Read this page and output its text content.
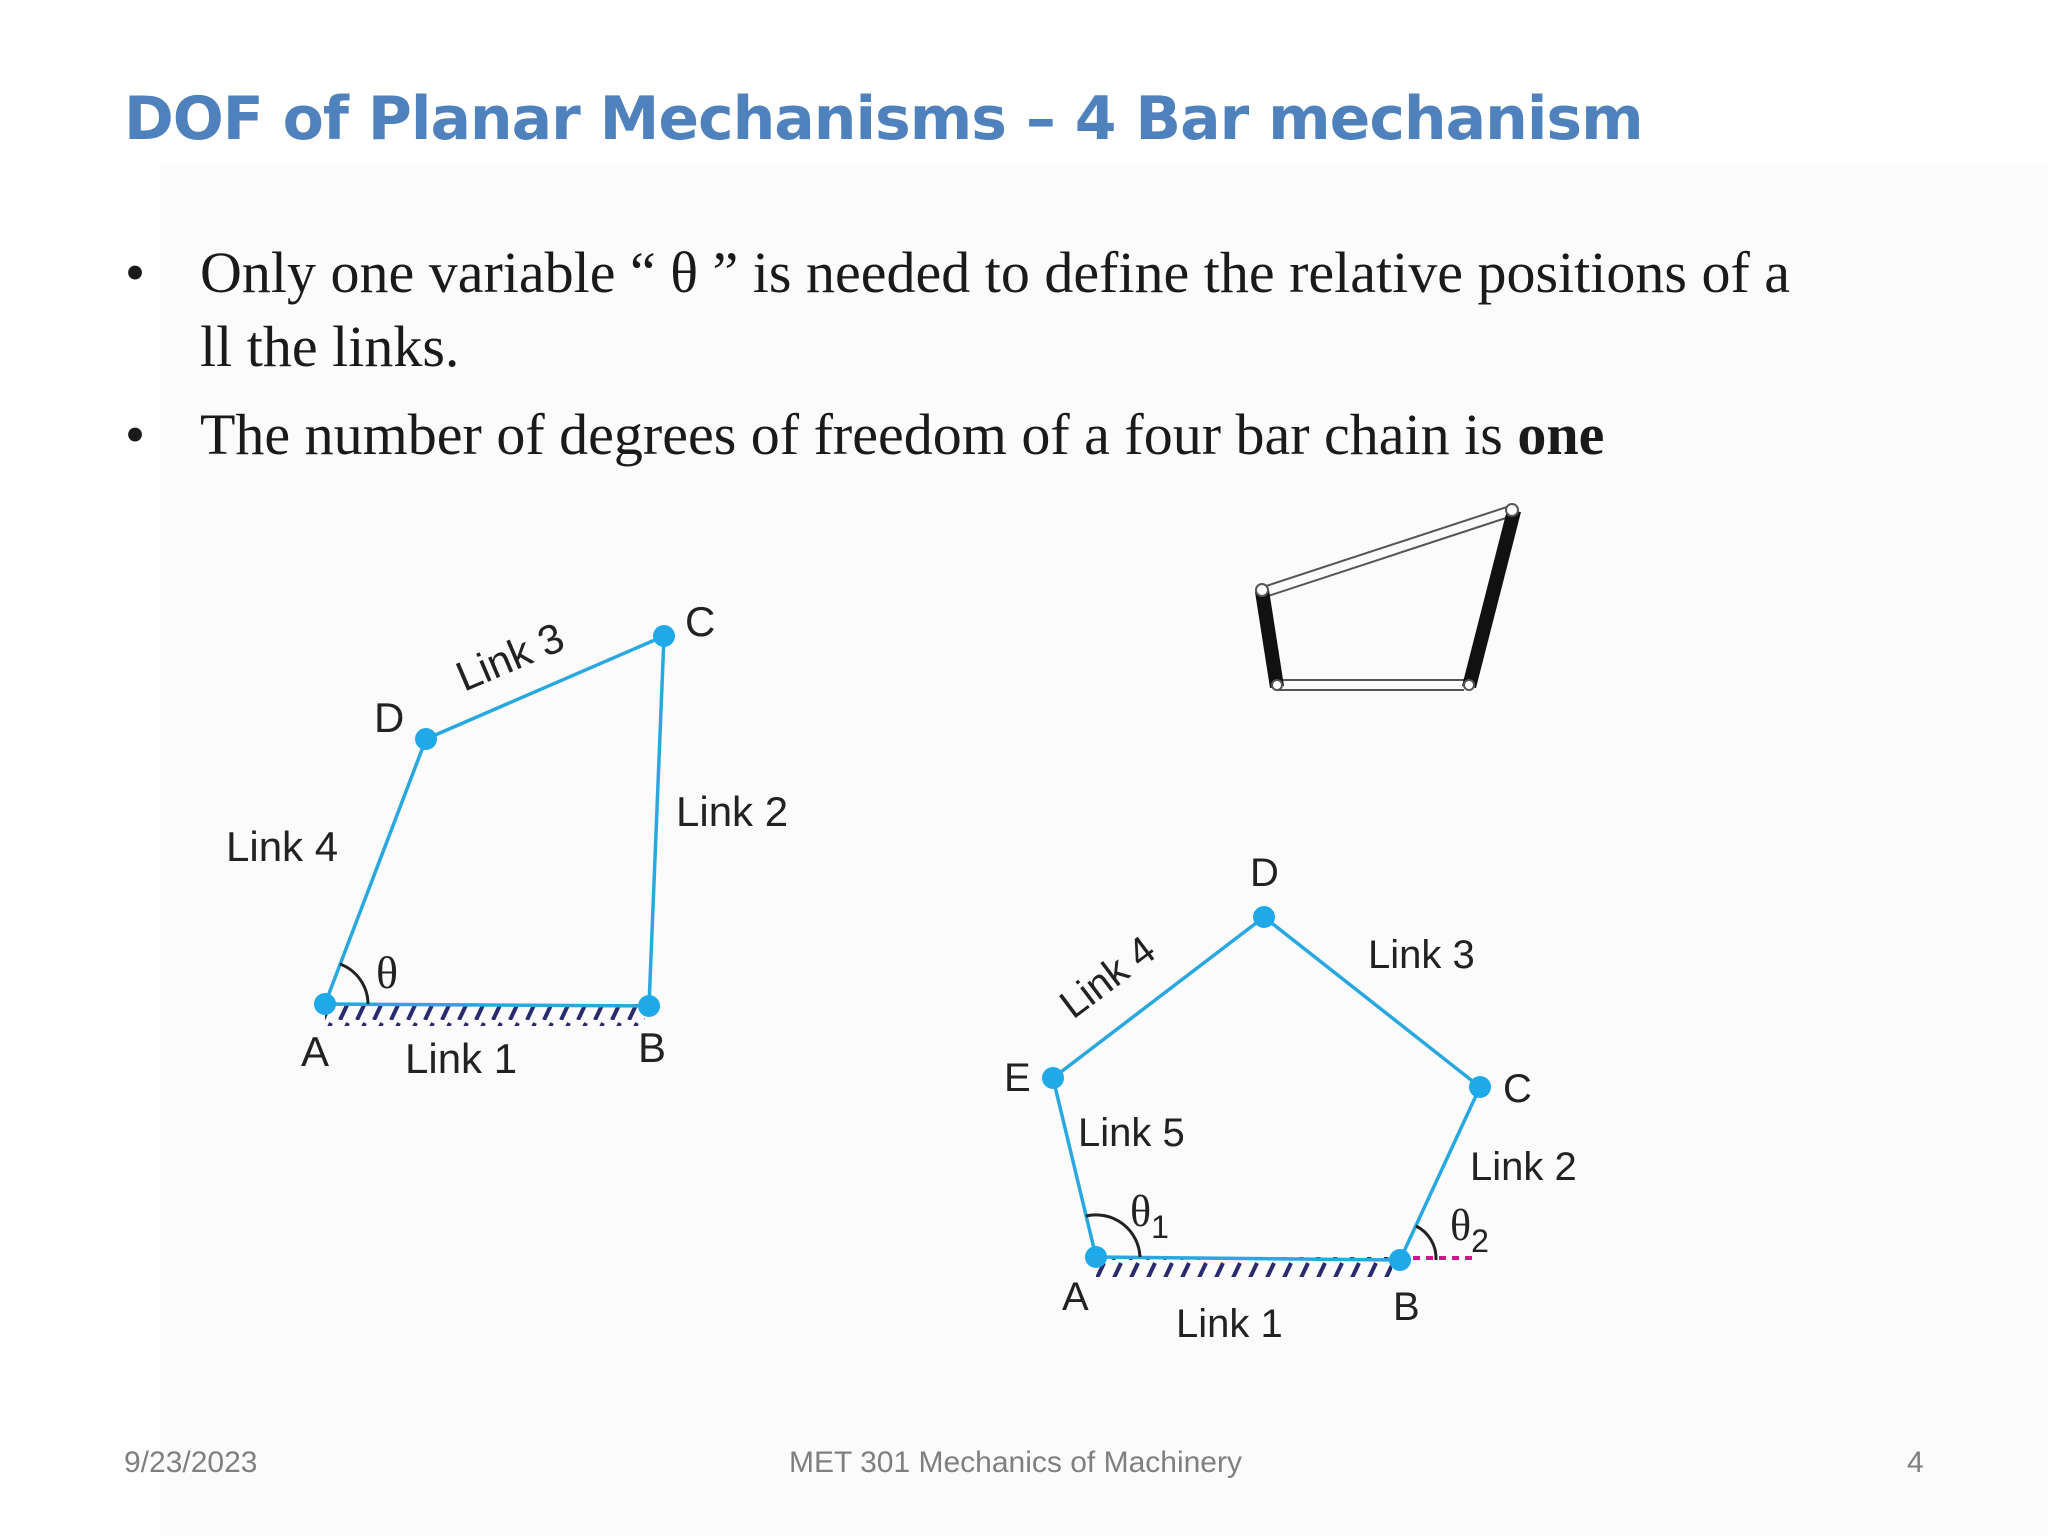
DOF of Planar Mechanisms – 4 Bar mechanism
• Only one variable “ θ ” is needed to define the relative positions of a
ll the links.
• The number of degrees of freedom of a four bar chain is one
A	B
C
D
Link 1
Link 2
Link 3
Link 4
θ
A	B
C
D
E
Link 1
Link 2
Link 3
Link 4
Link 5
$\theta_1$	$\theta_2$
9/23/2023	MET 301 Mechanics of Machinery	4
